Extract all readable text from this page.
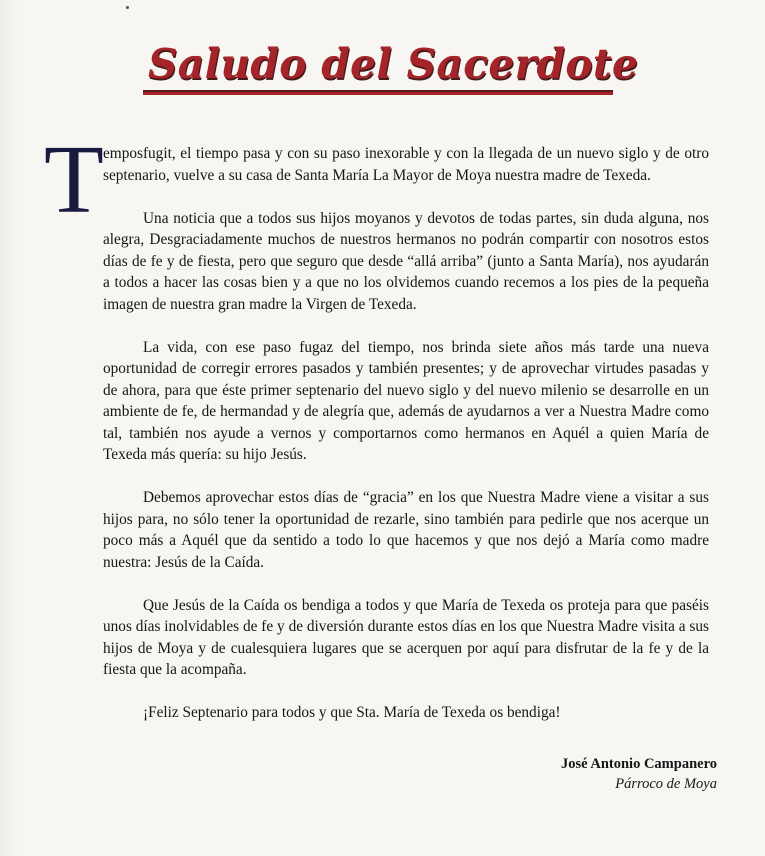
Saludo del Sacerdote
T emposfugit, el tiempo pasa y con su paso inexorable y con la llegada de un nuevo siglo y de otro septenario, vuelve a su casa de Santa María La Mayor de Moya nuestra madre de Texeda.

Una noticia que a todos sus hijos moyanos y devotos de todas partes, sin duda alguna, nos alegra, Desgraciadamente muchos de nuestros hermanos no podrán compartir con nosotros estos días de fe y de fiesta, pero que seguro que desde “allá arriba” (junto a Santa María), nos ayudarán a todos a hacer las cosas bien y a que no los olvidemos cuando recemos a los pies de la pequeña imagen de nuestra gran madre la Virgen de Texeda.

La vida, con ese paso fugaz del tiempo, nos brinda siete años más tarde una nueva oportunidad de corregir errores pasados y también presentes; y de aprovechar virtudes pasadas y de ahora, para que éste primer septenario del nuevo siglo y del nuevo milenio se desarrolle en un ambiente de fe, de hermandad y de alegría que, además de ayudarnos a ver a Nuestra Madre como tal, también nos ayude a vernos y comportarnos como hermanos en Aquél a quien María de Texeda más quería: su hijo Jesús.

Debemos aprovechar estos días de “gracia” en los que Nuestra Madre viene a visitar a sus hijos para, no sólo tener la oportunidad de rezarle, sino también para pedirle que nos acerque un poco más a Aquél que da sentido a todo lo que hacemos y que nos dejó a María como madre nuestra: Jesús de la Caída.

Que Jesús de la Caída os bendiga a todos y que María de Texeda os proteja para que paséis unos días inolvidables de fe y de diversión durante estos días en los que Nuestra Madre visita a sus hijos de Moya y de cualesquiera lugares que se acerquen por aquí para disfrutar de la fe y de la fiesta que la acompaña.

¡Feliz Septenario para todos y que Sta. María de Texeda os bendiga!

José Antonio Campanero
Párroco de Moya
